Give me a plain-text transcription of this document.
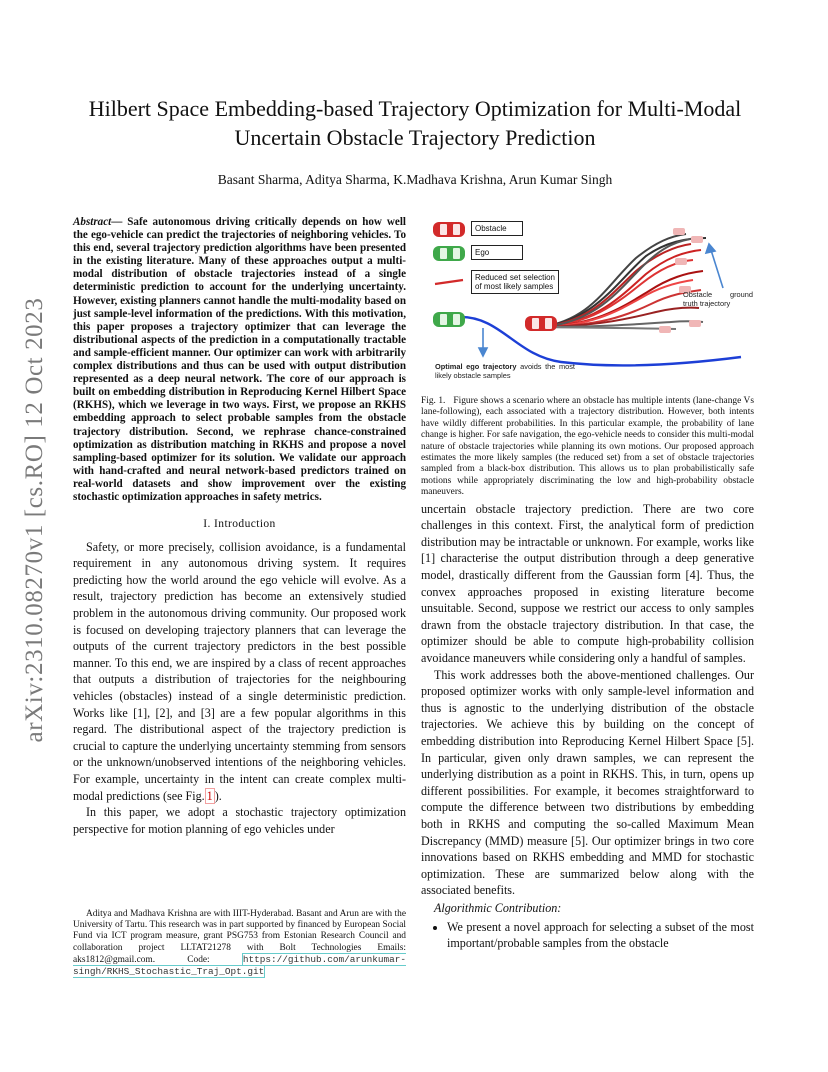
arXiv:2310.08270v1 [cs.RO] 12 Oct 2023
Hilbert Space Embedding-based Trajectory Optimization for Multi-Modal Uncertain Obstacle Trajectory Prediction
Basant Sharma, Aditya Sharma, K.Madhava Krishna, Arun Kumar Singh
Abstract— Safe autonomous driving critically depends on how well the ego-vehicle can predict the trajectories of neighboring vehicles. To this end, several trajectory prediction algorithms have been presented in the existing literature. Many of these approaches output a multi-modal distribution of obstacle trajectories instead of a single deterministic prediction to account for the underlying uncertainty. However, existing planners cannot handle the multi-modality based on just sample-level information of the predictions. With this motivation, this paper proposes a trajectory optimizer that can leverage the distributional aspects of the prediction in a computationally tractable and sample-efficient manner. Our optimizer can work with arbitrarily complex distributions and thus can be used with output distribution represented as a deep neural network. The core of our approach is built on embedding distribution in Reproducing Kernel Hilbert Space (RKHS), which we leverage in two ways. First, we propose an RKHS embedding approach to select probable samples from the obstacle trajectory distribution. Second, we rephrase chance-constrained optimization as distribution matching in RKHS and propose a novel sampling-based optimizer for its solution. We validate our approach with hand-crafted and neural network-based predictors trained on real-world datasets and show improvement over the existing stochastic optimization approaches in safety metrics.
I. Introduction

Safety, or more precisely, collision avoidance, is a fundamental requirement in any autonomous driving system. It requires predicting how the world around the ego vehicle will evolve. As a result, trajectory prediction has become an extensively studied problem in the autonomous driving community. Our proposed work is focused on developing trajectory planners that can leverage the outputs of the current trajectory predictors in the best possible manner. To this end, we are inspired by a class of recent approaches that outputs a distribution of trajectories for the neighbouring vehicles (obstacles) instead of a single deterministic prediction. Works like [1], [2], and [3] are a few popular algorithms in this regard. The distributional aspect of the trajectory prediction is crucial to capture the underlying uncertainty stemming from sensors or the unknown/unobserved intentions of the neighboring vehicles. For example, uncertainty in the intent can create complex multi-modal predictions (see Fig. 1 ).

In this paper, we adopt a stochastic trajectory optimization perspective for motion planning of ego vehicles under

Aditya and Madhava Krishna are with IIIT-Hyderabad. Basant and Arun are with the University of Tartu. This research was in part supported by financed by European Social Fund via ICT program measure, grant PSG753 from Estonian Research Council and collaboration project LLTAT21278 with Bolt Technologies Emails: aks1812@gmail.com. Code:	https://github.com/arunkumar-singh/RKHS_Stochastic_Traj_Opt.git

Obstacle
Ego
Reduced set selection of most likely samples
Obstacle ground truth trajectory
Optimal ego trajectory avoids the most likely obstacle samples
Fig. 1. Figure shows a scenario where an obstacle has multiple intents (lane-change Vs lane-following), each associated with a trajectory distribution. However, both intents have wildly different probabilities. In this particular example, the probability of lane change is higher. For safe navigation, the ego-vehicle needs to consider this multi-modal nature of obstacle trajectories while planning its own motions. Our proposed approach estimates the more likely samples (the reduced set) from a set of obstacle trajectories sampled from a black-box distribution. This allows us to plan probabilistically safe motions while appropriately discriminating the low and high-probability obstacle maneuvers.

uncertain obstacle trajectory prediction. There are two core challenges in this context. First, the analytical form of prediction distribution may be intractable or unknown. For example, works like [1] characterise the output distribution through a deep generative model, drastically different from the Gaussian form [4]. Thus, the convex approaches proposed in existing literature become unsuitable. Second, suppose we restrict our access to only samples drawn from the obstacle trajectory distribution. In that case, the optimizer should be able to compute high-probability collision avoidance maneuvers while considering only a handful of samples.

This work addresses both the above-mentioned challenges. Our proposed optimizer works with only sample-level information and thus is agnostic to the underlying distribution of the obstacle trajectories. We achieve this by building on the concept of embedding distribution into Reproducing Kernel Hilbert Space [5]. In particular, given only drawn samples, we can represent the underlying distribution as a point in RKHS. This, in turn, opens up different possibilities. For example, it becomes straightforward to compute the difference between two distributions by embedding both in RKHS and computing the so-called Maximum Mean Discrepancy (MMD) measure [5]. Our optimizer brings in two core innovations based on RKHS embedding and MMD for stochastic optimization. These are summarized below along with the associated benefits.

Algorithmic Contribution:

• We present a novel approach for selecting a subset of the most important/probable samples from the obstacle
